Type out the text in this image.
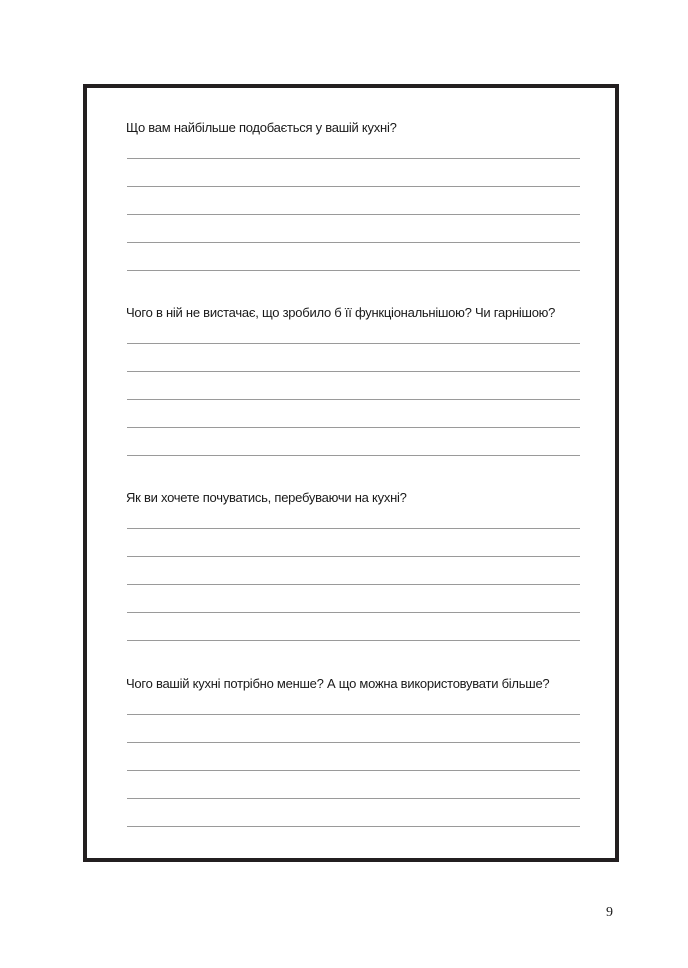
Що вам найбільше подобається у вашій кухні?
Чого в ній не вистачає, що зробило б її функціональнішою? Чи гарнішою?
Як ви хочете почуватись, перебуваючи на кухні?
Чого вашій кухні потрібно менше? А що можна використовувати більше?
9
